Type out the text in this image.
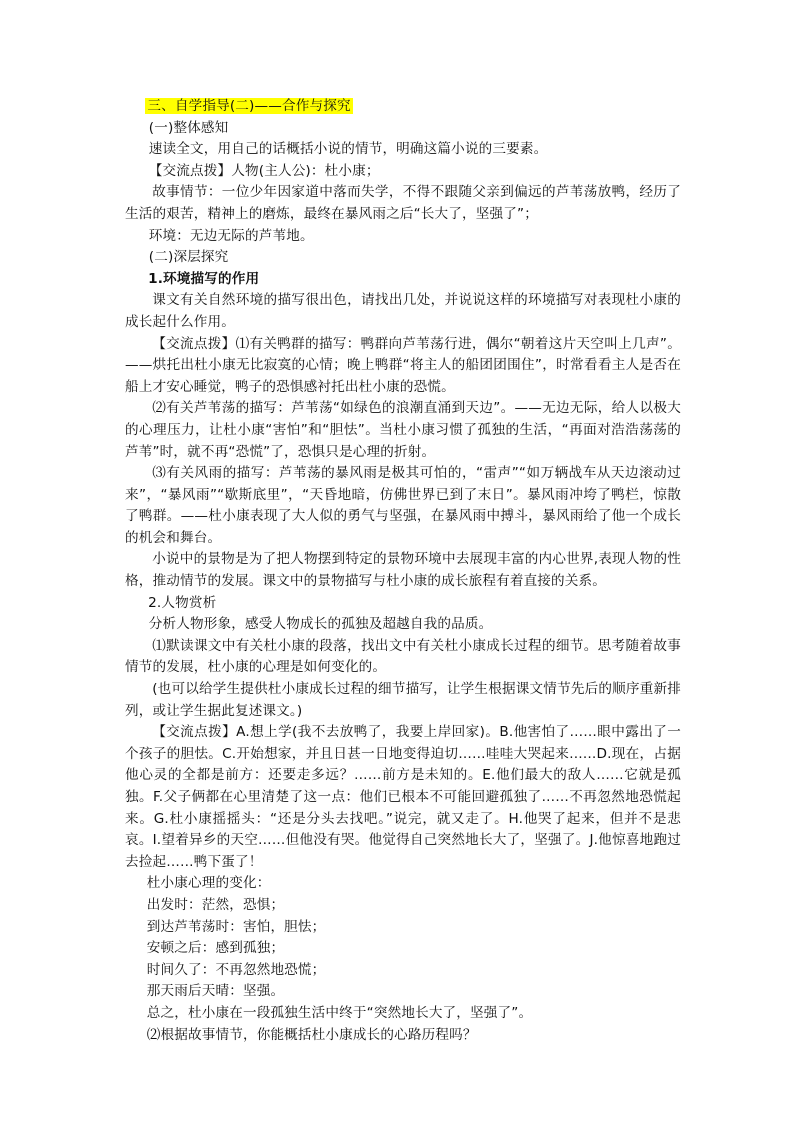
三、自学指导(二)——合作与探究

(一)整体感知

速读全文，用自己的话概括小说的情节，明确这篇小说的三要素。

【交流点拨】人物(主人公)：杜小康；

故事情节：一位少年因家道中落而失学，不得不跟随父亲到偏远的芦苇荡放鸭，经历了生活的艰苦，精神上的磨炼，最终在暴风雨之后“长大了，坚强了”；

环境：无边无际的芦苇地。

(二)深层探究

1.环境描写的作用

课文有关自然环境的描写很出色，请找出几处，并说说这样的环境描写对表现杜小康的成长起什么作用。

【交流点拨】⑴有关鸭群的描写：鸭群向芦苇荡行进，偶尔“朝着这片天空叫上几声”。——烘托出杜小康无比寂寞的心情；晚上鸭群“将主人的船团团围住”，时常看看主人是否在船上才安心睡觉，鸭子的恐惧感衬托出杜小康的恐慌。

⑵有关芦苇荡的描写：芦苇荡“如绿色的浪潮直涌到天边”。——无边无际，给人以极大的心理压力，让杜小康“害怕”和“胆怯”。当杜小康习惯了孤独的生活，“再面对浩浩荡荡的芦苇”时，就不再“恐慌”了，恐惧只是心理的折射。

⑶有关风雨的描写：芦苇荡的暴风雨是极其可怕的，“雷声”“如万辆战车从天边滚动过来”，“暴风雨”“歇斯底里”，“天昏地暗，仿佛世界已到了末日”。暴风雨冲垮了鸭栏，惊散了鸭群。——杜小康表现了大人似的勇气与坚强，在暴风雨中搏斗，暴风雨给了他一个成长的机会和舞台。

小说中的景物是为了把人物摆到特定的景物环境中去展现丰富的内心世界,表现人物的性格，推动情节的发展。课文中的景物描写与杜小康的成长旅程有着直接的关系。

2.人物赏析

分析人物形象，感受人物成长的孤独及超越自我的品质。

⑴默读课文中有关杜小康的段落，找出文中有关杜小康成长过程的细节。思考随着故事情节的发展，杜小康的心理是如何变化的。

(也可以给学生提供杜小康成长过程的细节描写，让学生根据课文情节先后的顺序重新排列，或让学生据此复述课文。)

【交流点拨】A.想上学(我不去放鸭了，我要上岸回家)。B.他害怕了……眼中露出了一个孩子的胆怯。C.开始想家，并且日甚一日地变得迫切……哇哇大哭起来……D.现在，占据他心灵的全都是前方：还要走多远？……前方是未知的。E.他们最大的敌人……它就是孤独。F.父子俩都在心里清楚了这一点：他们已根本不可能回避孤独了……不再忽然地恐慌起来。G.杜小康摇摇头：“还是分头去找吧。”说完，就又走了。H.他哭了起来，但并不是悲哀。I.望着异乡的天空……但他没有哭。他觉得自己突然地长大了，坚强了。J.他惊喜地跑过去捡起……鸭下蛋了！

杜小康心理的变化：

出发时：茫然，恐惧；

到达芦苇荡时：害怕，胆怯；

安顿之后：感到孤独；

时间久了：不再忽然地恐慌；

那天雨后天晴：坚强。

总之，杜小康在一段孤独生活中终于“突然地长大了，坚强了”。

⑵根据故事情节，你能概括杜小康成长的心路历程吗？
